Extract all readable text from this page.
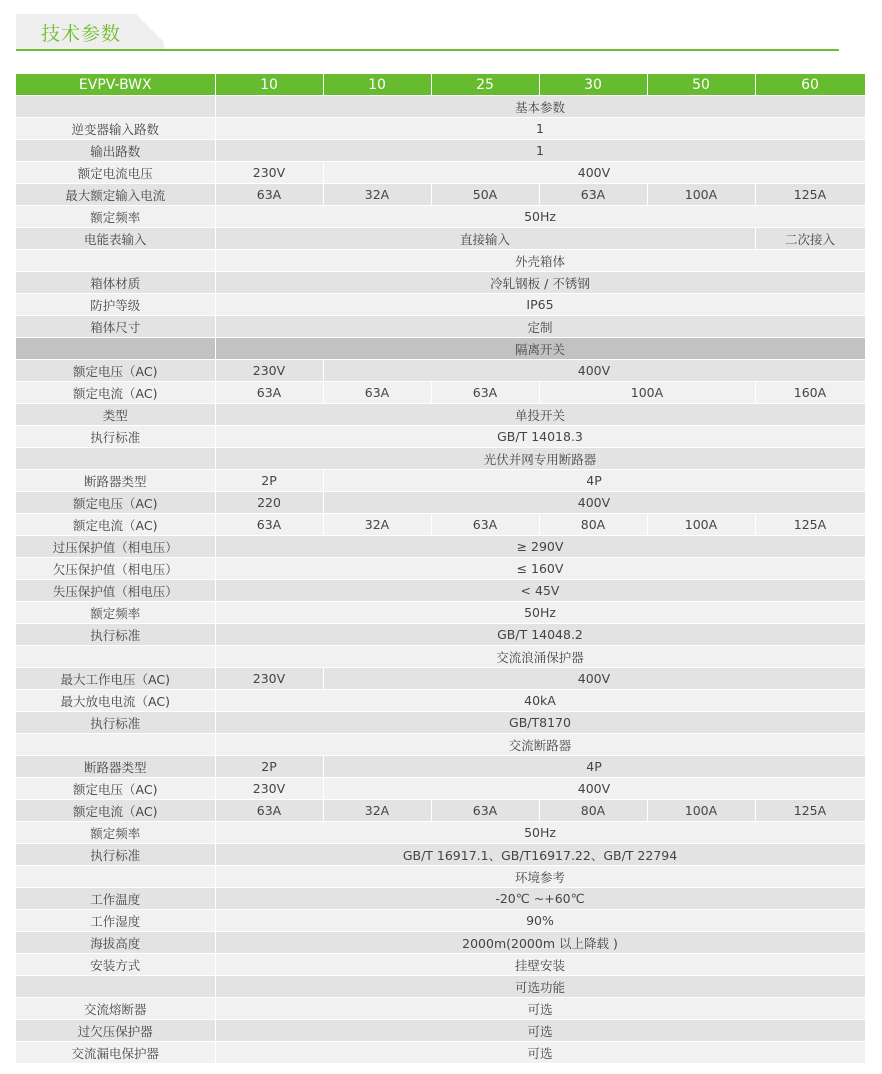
技术参数
EVPV-BWX	10	10	25	30	50	60
	基本参数					
逆变器输入路数	1					
输出路数	1					
额定电流电压	230V	400V				
最大额定输入电流	63A	32A	50A	63A	100A	125A
额定频率	50Hz					
电能表输入	直接输入					二次接入
	外壳箱体					
箱体材质	冷轧钢板 / 不锈钢					
防护等级	IP65					
箱体尺寸	定制					
	隔离开关					
额定电压（AC)	230V	400V				
额定电流（AC)	63A	63A	63A	100A		160A
类型	单投开关					
执行标准	GB/T 14018.3					
	光伏并网专用断路器					
断路器类型	2P	4P				
额定电压（AC)	220	400V				
额定电流（AC)	63A	32A	63A	80A	100A	125A
过压保护值（相电压）	≥ 290V					
欠压保护值（相电压）	≤ 160V					
失压保护值（相电压）	< 45V					
额定频率	50Hz					
执行标准	GB/T 14048.2					
	交流浪涌保护器					
最大工作电压（AC)	230V	400V				
最大放电电流（AC)	40kA					
执行标准	GB/T8170					
	交流断路器					
断路器类型	2P	4P				
额定电压（AC)	230V	400V				
额定电流（AC)	63A	32A	63A	80A	100A	125A
额定频率	50Hz					
执行标准	GB/T 16917.1、GB/T16917.22、GB/T 22794					
	环境参考					
工作温度	-20℃ ~+60℃					
工作湿度	90%					
海拔高度	2000m(2000m 以上降载 )					
安装方式	挂壁安装					
	可选功能					
交流熔断器	可选					
过欠压保护器	可选					
交流漏电保护器	可选					
